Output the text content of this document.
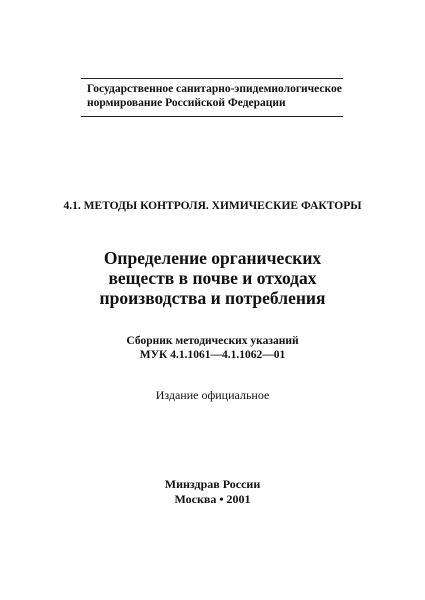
Государственное санитарно-эпидемиологическое
нормирование Российской Федерации
4.1. МЕТОДЫ КОНТРОЛЯ. ХИМИЧЕСКИЕ ФАКТОРЫ
Определение органических
веществ в почве и отходах
производства и потребления
Сборник методических указаний
МУК 4.1.1061—4.1.1062—01
Издание официальное
Минздрав России
Москва • 2001
